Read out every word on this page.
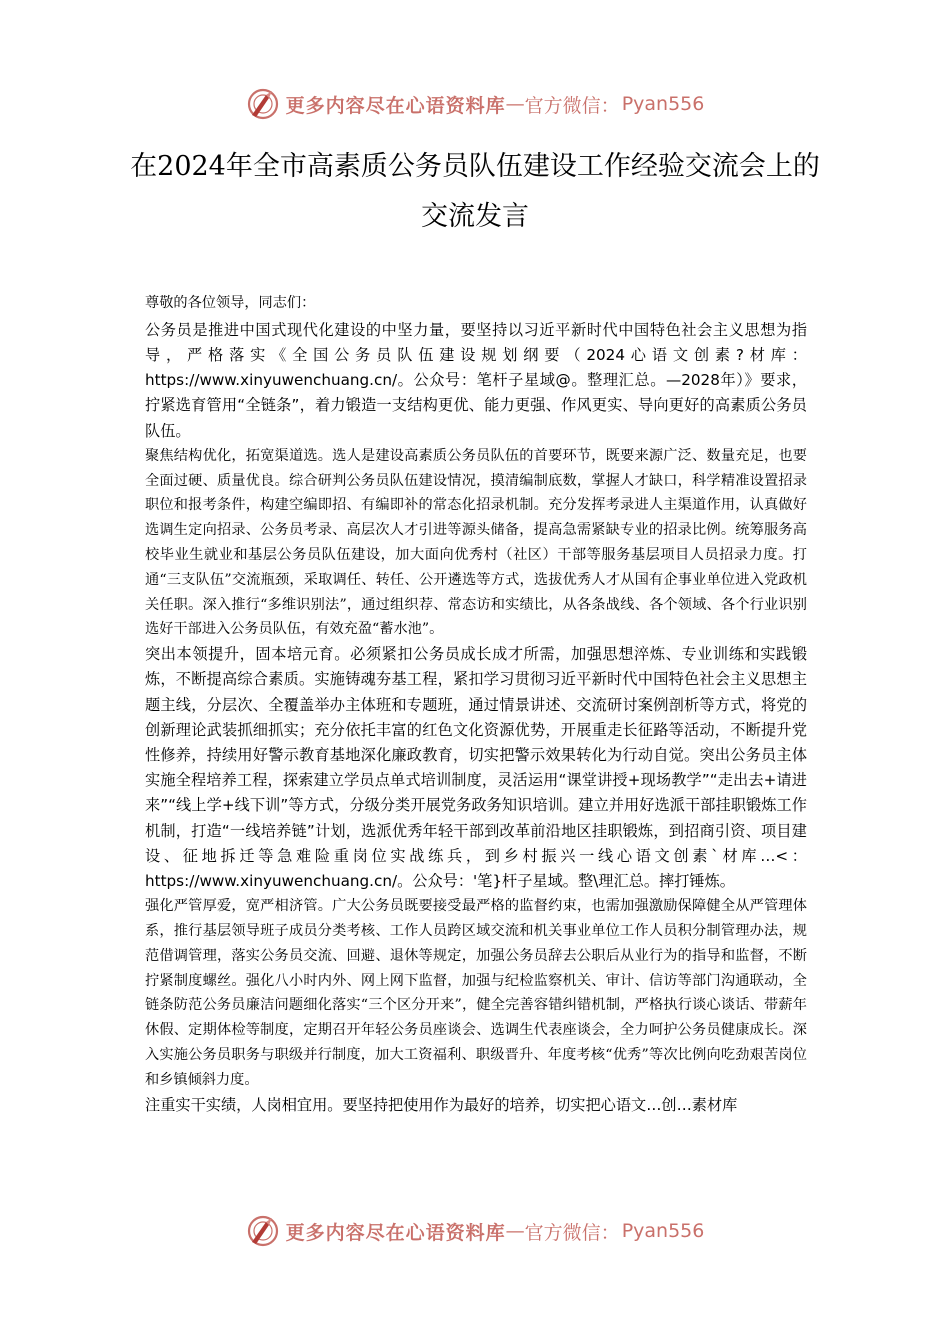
更多内容尽在心语资料库 — 官方微信： Pyan556
在2024年全市高素质公务员队伍建设工作经验交流会上的交流发言

尊敬的各位领导，同志们：

公务员是推进中国式现代化建设的中坚力量，要坚持以习近平新时代中国特色社会主义思想为指导，严格落实《全国公务员队伍建设规划纲要（2024心语文创素?材库：https://www.xinyuwenchuang.cn/。公众号：笔杆子星域@。整理汇总。—2028年）》要求，拧紧选育管用“全链条”，着力锻造一支结构更优、能力更强、作风更实、导向更好的高素质公务员队伍。

聚焦结构优化，拓宽渠道选。选人是建设高素质公务员队伍的首要环节，既要来源广泛、数量充足，也要全面过硬、质量优良。综合研判公务员队伍建设情况，摸清编制底数，掌握人才缺口，科学精准设置招录职位和报考条件，构建空编即招、有编即补的常态化招录机制。充分发挥考录进人主渠道作用，认真做好选调生定向招录、公务员考录、高层次人才引进等源头储备，提高急需紧缺专业的招录比例。统筹服务高校毕业生就业和基层公务员队伍建设，加大面向优秀村（社区）干部等服务基层项目人员招录力度。打通“三支队伍”交流瓶颈，采取调任、转任、公开遴选等方式，选拔优秀人才从国有企事业单位进入党政机关任职。深入推行“多维识别法”，通过组织荐、常态访和实绩比，从各条战线、各个领域、各个行业识别选好干部进入公务员队伍，有效充盈“蓄水池”。

突出本领提升，固本培元育。必须紧扣公务员成长成才所需，加强思想淬炼、专业训练和实践锻炼，不断提高综合素质。实施铸魂夯基工程，紧扣学习贯彻习近平新时代中国特色社会主义思想主题主线，分层次、全覆盖举办主体班和专题班，通过情景讲述、交流研讨案例剖析等方式，将党的创新理论武装抓细抓实；充分依托丰富的红色文化资源优势，开展重走长征路等活动，不断提升党性修养，持续用好警示教育基地深化廉政教育，切实把警示效果转化为行动自觉。突出公务员主体实施全程培养工程，探索建立学员点单式培训制度，灵活运用“课堂讲授+现场教学”“走出去+请进来”“线上学+线下训”等方式，分级分类开展党务政务知识培训。建立并用好选派干部挂职锻炼工作机制，打造“一线培养链”计划，选派优秀年轻干部到改革前沿地区挂职锻炼，到招商引资、项目建设、征地拆迁等急难险重岗位实战练兵，到乡村振兴一线心语文创素`材库…<：https://www.xinyuwenchuang.cn/。公众号：'笔}杆子星域。整\理汇总。摔打锤炼。

强化严管厚爱，宽严相济管。广大公务员既要接受最严格的监督约束，也需加强激励保障健全从严管理体系，推行基层领导班子成员分类考核、工作人员跨区域交流和机关事业单位工作人员积分制管理办法，规范借调管理，落实公务员交流、回避、退休等规定，加强公务员辞去公职后从业行为的指导和监督，不断拧紧制度螺丝。强化八小时内外、网上网下监督，加强与纪检监察机关、审计、信访等部门沟通联动，全链条防范公务员廉洁问题细化落实“三个区分开来”，健全完善容错纠错机制，严格执行谈心谈话、带薪年休假、定期体检等制度，定期召开年轻公务员座谈会、选调生代表座谈会，全力呵护公务员健康成长。深入实施公务员职务与职级并行制度，加大工资福利、职级晋升、年度考核“优秀”等次比例向吃劲艰苦岗位和乡镇倾斜力度。

注重实干实绩，人岗相宜用。要坚持把使用作为最好的培养，切实把心语文…创…素材库

更多内容尽在心语资料库 — 官方微信： Pyan556
